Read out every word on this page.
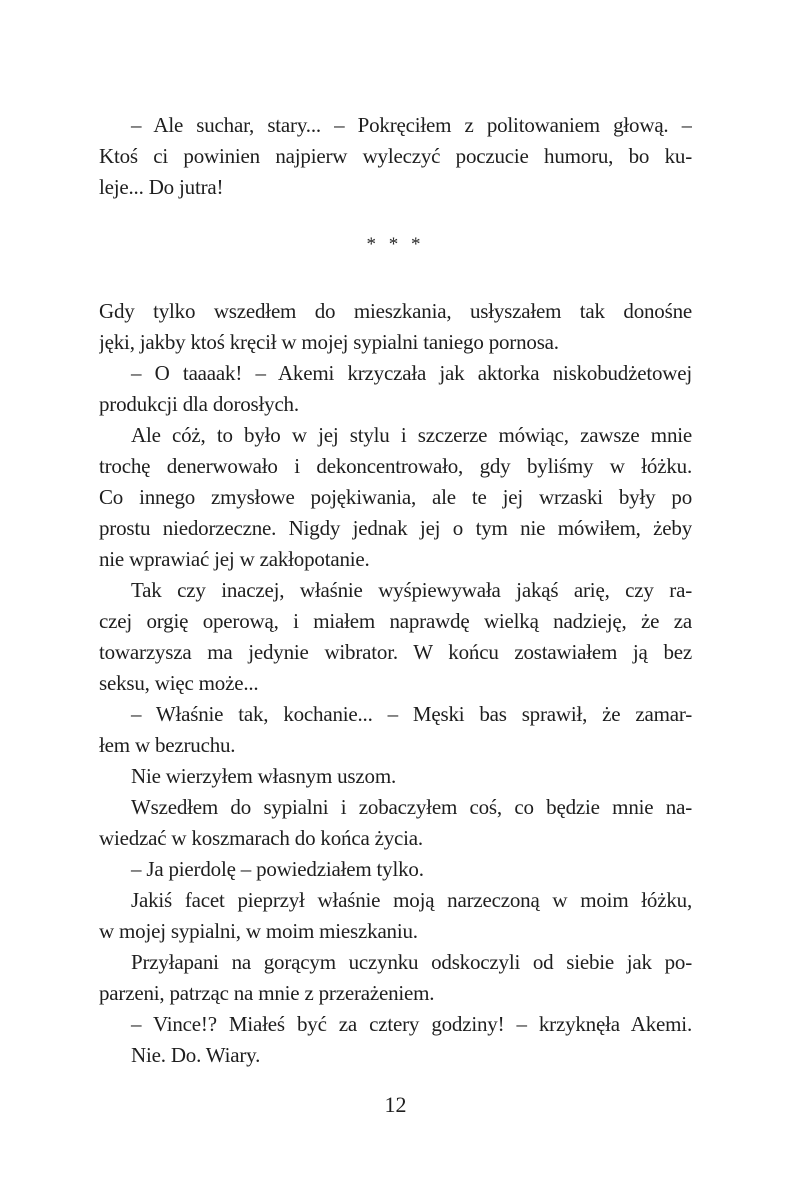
– Ale suchar, stary... – Pokręciłem z politowaniem głową. –
Ktoś ci powinien najpierw wyleczyć poczucie humoru, bo ku-
leje... Do jutra!
* * *
Gdy tylko wszedłem do mieszkania, usłyszałem tak donośne
jęki, jakby ktoś kręcił w mojej sypialni taniego pornosa.
– O taaaak! – Akemi krzyczała jak aktorka niskobudżetowej
produkcji dla dorosłych.
Ale cóż, to było w jej stylu i szczerze mówiąc, zawsze mnie
trochę denerwowało i dekoncentrowało, gdy byliśmy w łóżku.
Co innego zmysłowe pojękiwania, ale te jej wrzaski były po
prostu niedorzeczne. Nigdy jednak jej o tym nie mówiłem, żeby
nie wprawiać jej w zakłopotanie.
Tak czy inaczej, właśnie wyśpiewywała jakąś arię, czy ra-
czej orgię operową, i miałem naprawdę wielką nadzieję, że za
towarzysza ma jedynie wibrator. W końcu zostawiałem ją bez
seksu, więc może...
– Właśnie tak, kochanie... – Męski bas sprawił, że zamar-
łem w bezruchu.
Nie wierzyłem własnym uszom.
Wszedłem do sypialni i zobaczyłem coś, co będzie mnie na-
wiedzać w koszmarach do końca życia.
– Ja pierdolę – powiedziałem tylko.
Jakiś facet pieprzył właśnie moją narzeczoną w moim łóżku,
w mojej sypialni, w moim mieszkaniu.
Przyłapani na gorącym uczynku odskoczyli od siebie jak po-
parzeni, patrząc na mnie z przerażeniem.
– Vince!? Miałeś być za cztery godziny! – krzyknęła Akemi.
Nie. Do. Wiary.
12
